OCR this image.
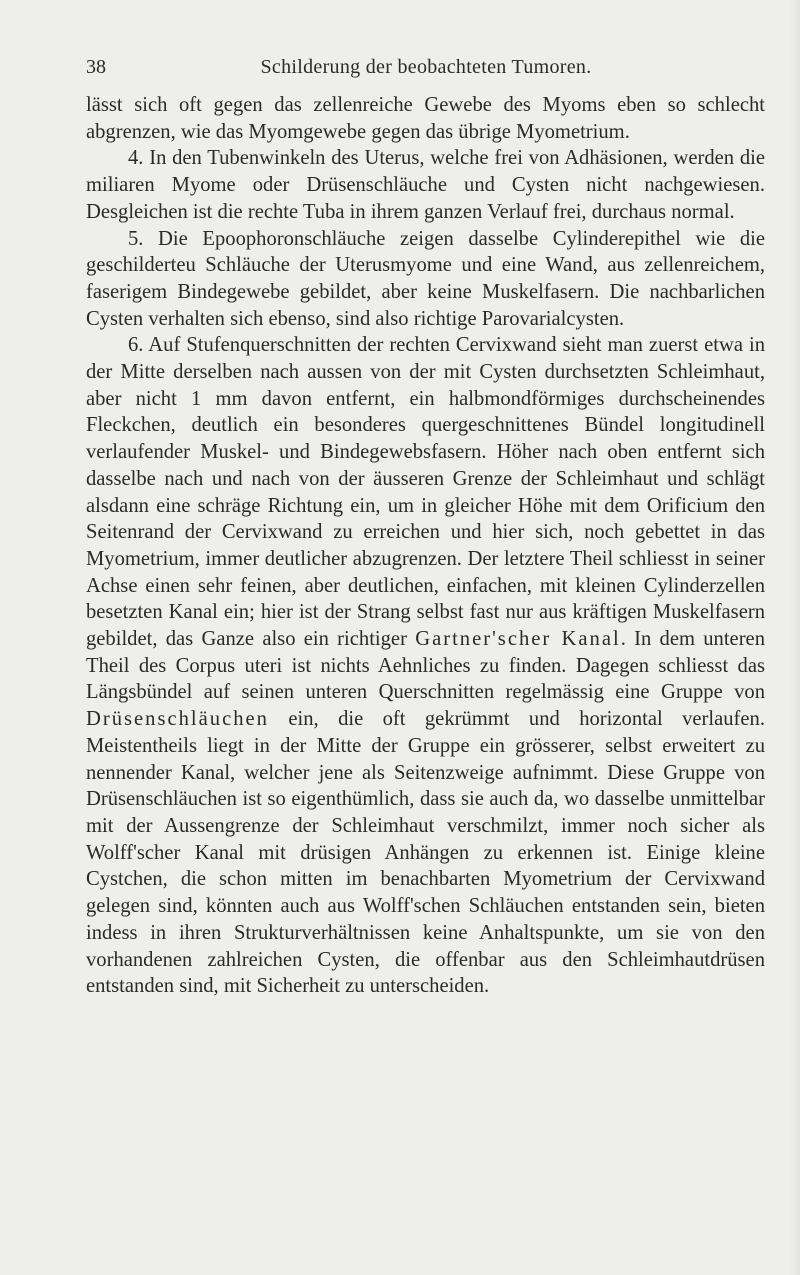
38	Schilderung der beobachteten Tumoren.

lässt sich oft gegen das zellenreiche Gewebe des Myoms eben so schlecht abgrenzen, wie das Myomgewebe gegen das übrige Myometrium.

4. In den Tubenwinkeln des Uterus, welche frei von Adhäsionen, werden die miliaren Myome oder Drüsenschläuche und Cysten nicht nachgewiesen. Desgleichen ist die rechte Tuba in ihrem ganzen Verlauf frei, durchaus normal.

5. Die Epoophoronschläuche zeigen dasselbe Cylinderepithel wie die geschilderteu Schläuche der Uterusmyome und eine Wand, aus zellenreichem, faserigem Bindegewebe gebildet, aber keine Muskelfasern. Die nachbarlichen Cysten verhalten sich ebenso, sind also richtige Parovarialcysten.

6. Auf Stufenquerschnitten der rechten Cervixwand sieht man zuerst etwa in der Mitte derselben nach aussen von der mit Cysten durchsetzten Schleimhaut, aber nicht 1 mm davon entfernt, ein halbmondförmiges durchscheinendes Fleckchen, deutlich ein besonderes quergeschnittenes Bündel longitudinell verlaufender Muskel- und Bindegewebsfasern. Höher nach oben entfernt sich dasselbe nach und nach von der äusseren Grenze der Schleimhaut und schlägt alsdann eine schräge Richtung ein, um in gleicher Höhe mit dem Orificium den Seitenrand der Cervixwand zu erreichen und hier sich, noch gebettet in das Myometrium, immer deutlicher abzugrenzen. Der letztere Theil schliesst in seiner Achse einen sehr feinen, aber deutlichen, einfachen, mit kleinen Cylinderzellen besetzten Kanal ein; hier ist der Strang selbst fast nur aus kräftigen Muskelfasern gebildet, das Ganze also ein richtiger Gartner'scher Kanal. In dem unteren Theil des Corpus uteri ist nichts Aehnliches zu finden. Dagegen schliesst das Längsbündel auf seinen unteren Querschnitten regelmässig eine Gruppe von Drüsenschläuchen ein, die oft gekrümmt und horizontal verlaufen. Meistentheils liegt in der Mitte der Gruppe ein grösserer, selbst erweitert zu nennender Kanal, welcher jene als Seitenzweige aufnimmt. Diese Gruppe von Drüsenschläuchen ist so eigenthümlich, dass sie auch da, wo dasselbe unmittelbar mit der Aussengrenze der Schleimhaut verschmilzt, immer noch sicher als Wolff'scher Kanal mit drüsigen Anhängen zu erkennen ist. Einige kleine Cystchen, die schon mitten im benachbarten Myometrium der Cervixwand gelegen sind, könnten auch aus Wolff'schen Schläuchen entstanden sein, bieten indess in ihren Strukturverhältnissen keine Anhaltspunkte, um sie von den vorhandenen zahlreichen Cysten, die offenbar aus den Schleimhautdrüsen entstanden sind, mit Sicherheit zu unterscheiden.
